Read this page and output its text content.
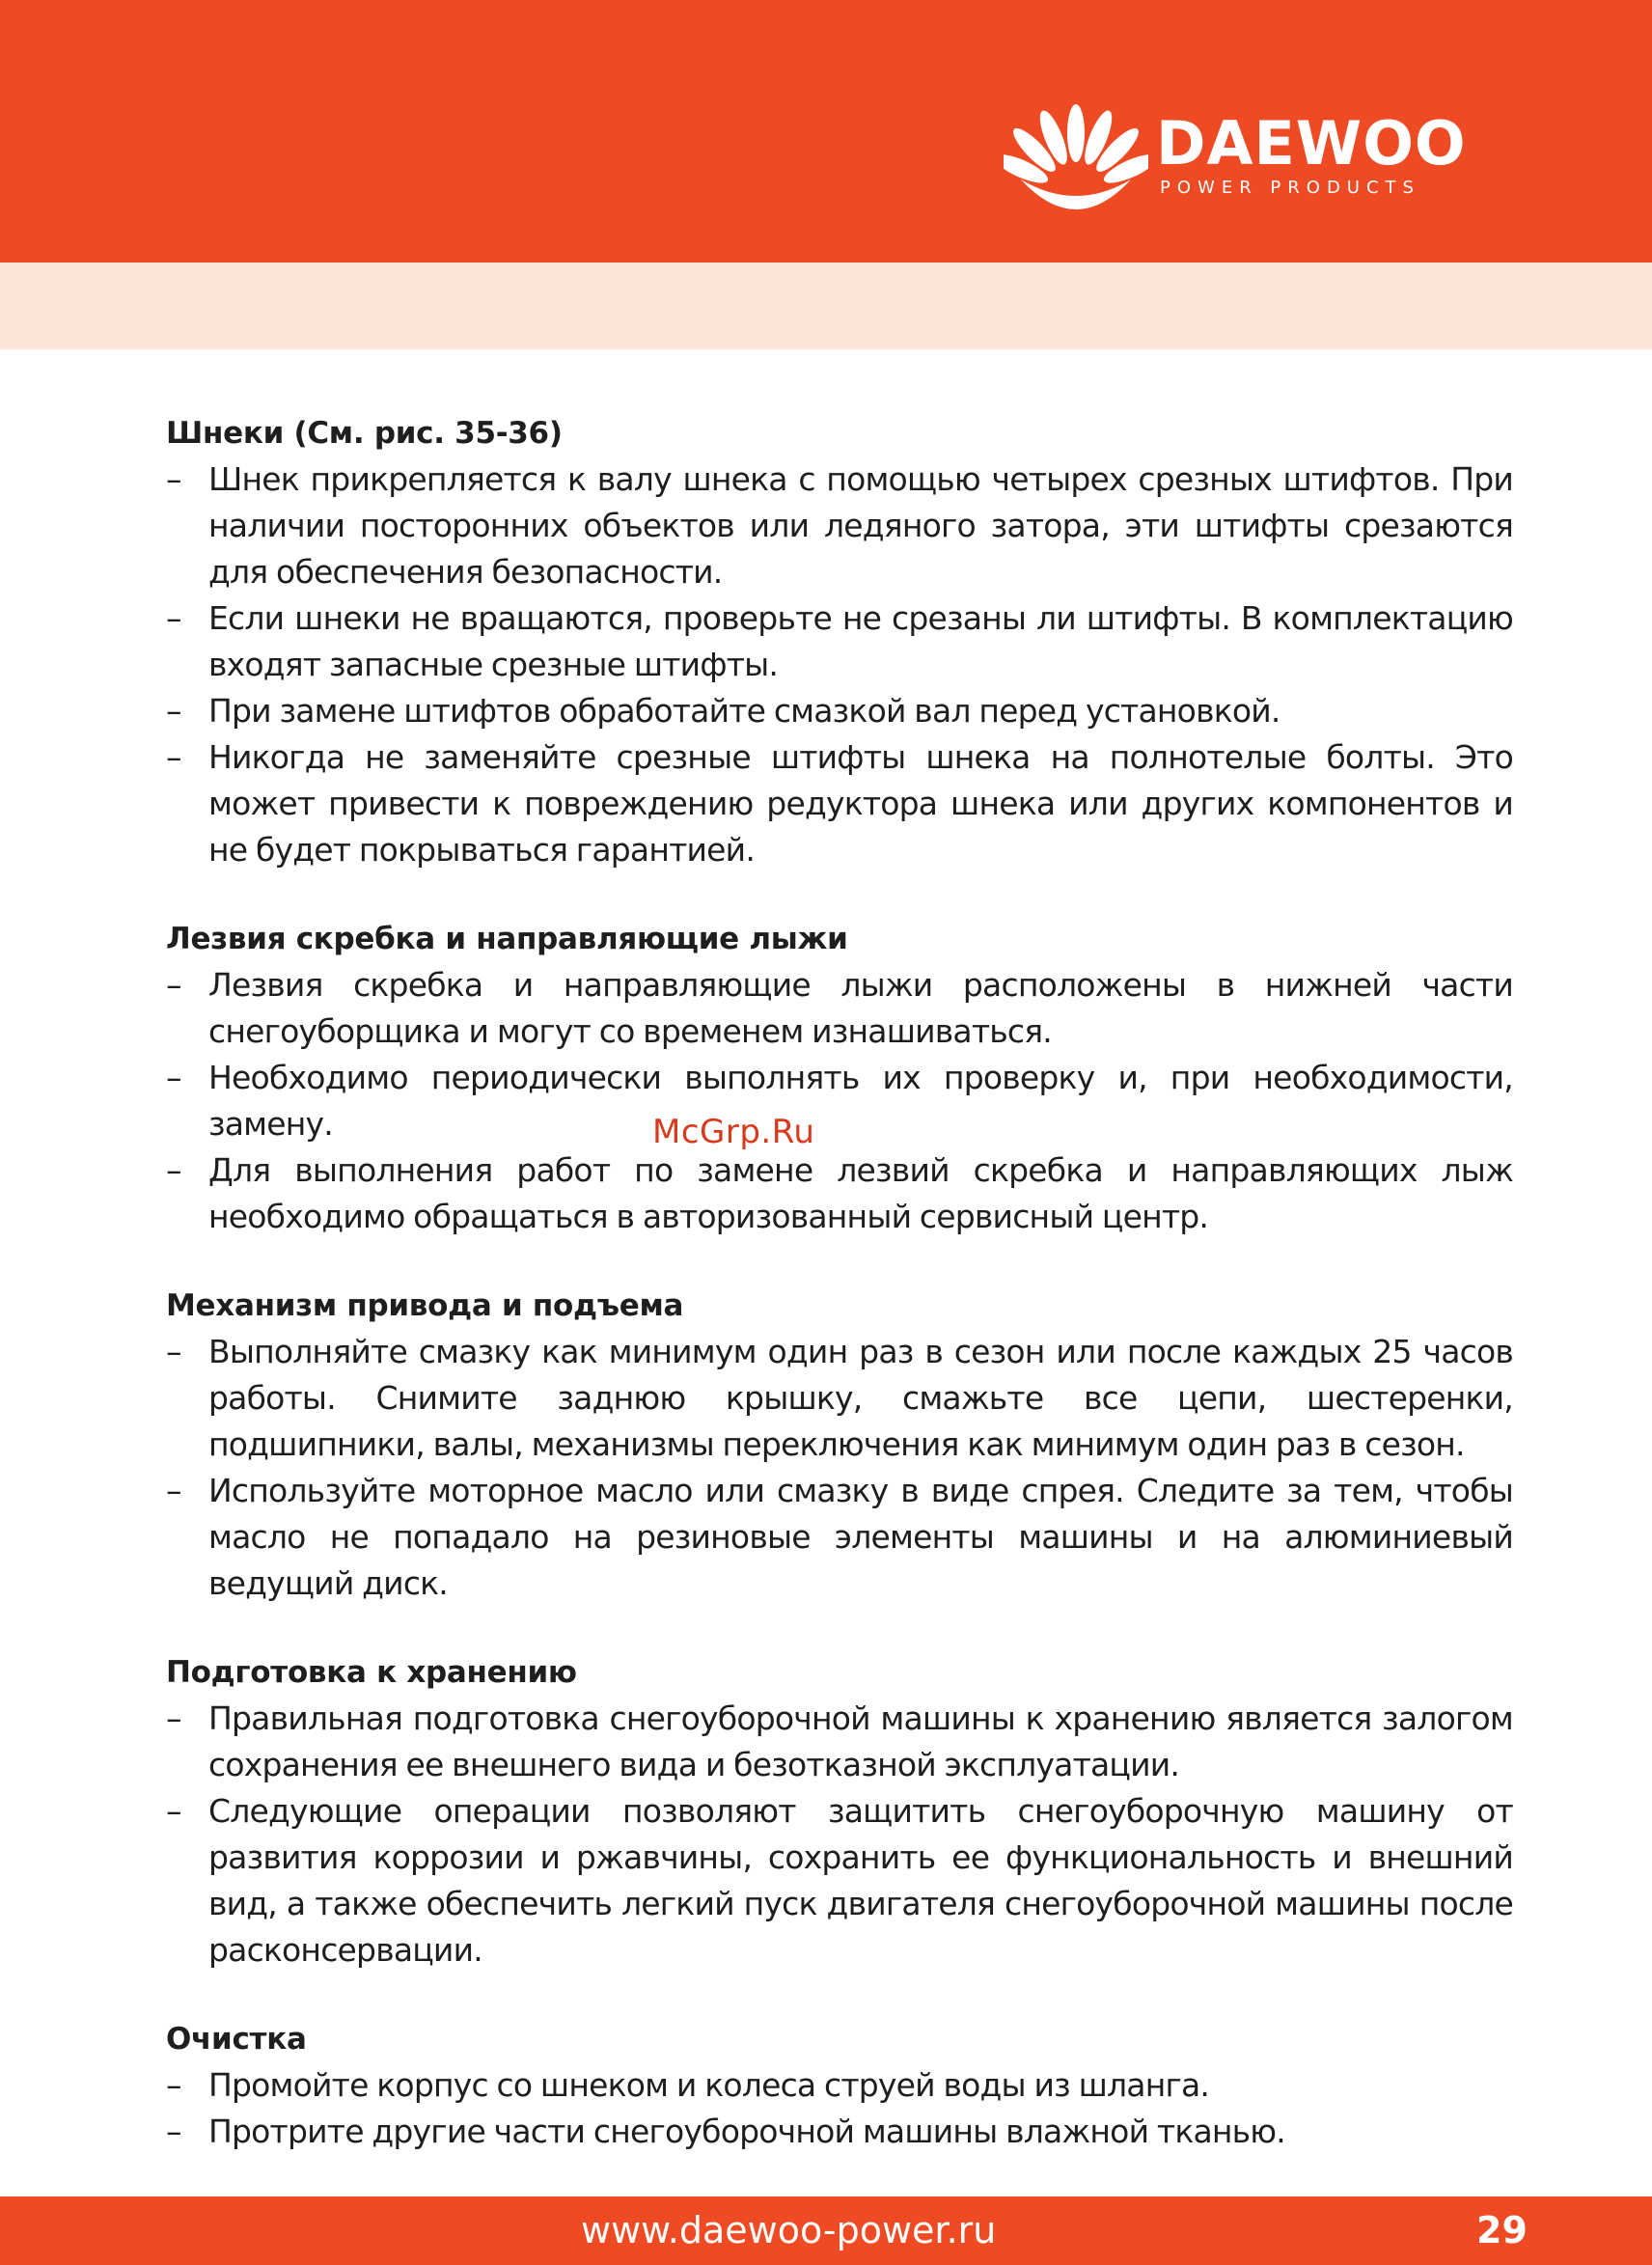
DAEWOO
POWER PRODUCTS

Шнеки (См. рис. 35-36)

– Шнек прикрепляется к валу шнека с помощью четырех срезных штифтов. При наличии посторонних объектов или ледяного затора, эти штифты срезаются для обеспечения безопасности.

– Если шнеки не вращаются, проверьте не срезаны ли штифты. В комплектацию входят запасные срезные штифты.

– При замене штифтов обработайте смазкой вал перед установкой.

– Никогда не заменяйте срезные штифты шнека на полнотелые болты. Это может привести к повреждению редуктора шнека или других компонентов и не будет покрываться гарантией.

Лезвия скребка и направляющие лыжи

– Лезвия скребка и направляющие лыжи расположены в нижней части снегоуборщика и могут со временем изнашиваться.

– Необходимо периодически выполнять их проверку и, при необходимости, замену.

– Для выполнения работ по замене лезвий скребка и направляющих лыж необходимо обращаться в авторизованный сервисный центр.

Механизм привода и подъема

– Выполняйте смазку как минимум один раз в сезон или после каждых 25 часов работы. Снимите заднюю крышку, смажьте все цепи, шестеренки, подшипники, валы, механизмы переключения как минимум один раз в сезон.

– Используйте моторное масло или смазку в виде спрея. Следите за тем, чтобы масло не попадало на резиновые элементы машины и на алюминиевый ведущий диск.

Подготовка к хранению

– Правильная подготовка снегоуборочной машины к хранению является залогом сохранения ее внешнего вида и безотказной эксплуатации.

– Следующие операции позволяют защитить снегоуборочную машину от развития коррозии и ржавчины, сохранить ее функциональность и внешний вид, а также обеспечить легкий пуск двигателя снегоуборочной машины после расконсервации.

Очистка

– Промойте корпус со шнеком и колеса струей воды из шланга.

– Протрите другие части снегоуборочной машины влажной тканью.

McGrp.Ru
www.daewoo-power.ru	29
